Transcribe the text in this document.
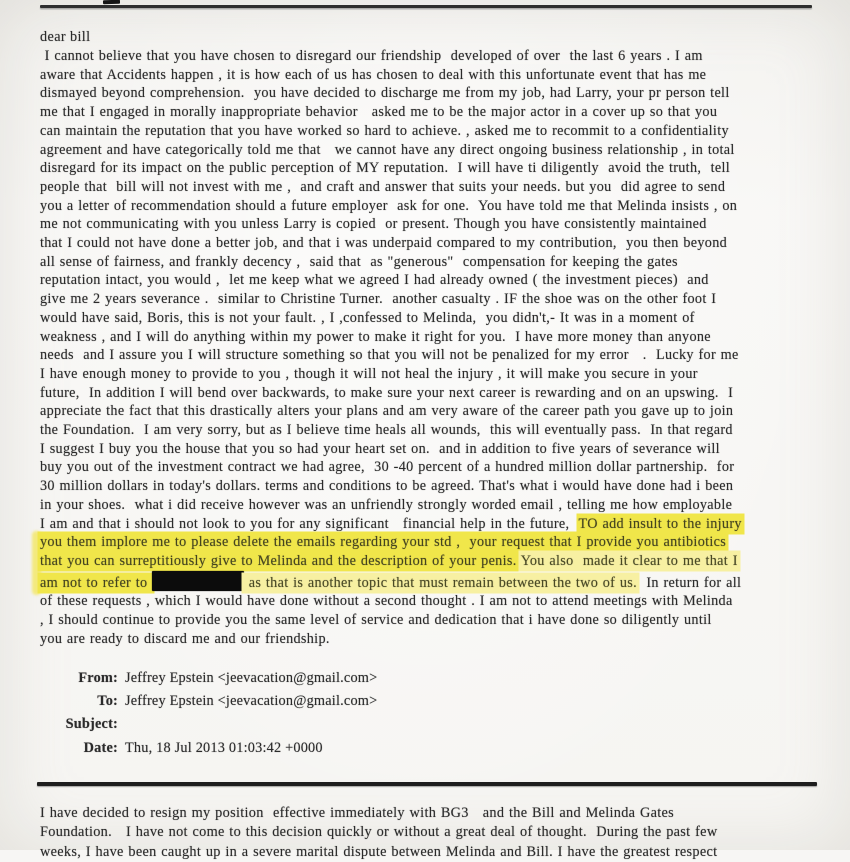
dear bill
I cannot believe that you have chosen to disregard our friendship  developed of over  the last 6 years . I am
aware that Accidents happen , it is how each of us has chosen to deal with this unfortunate event that has me
dismayed beyond comprehension.  you have decided to discharge me from my job, had Larry, your pr person tell
me that I engaged in morally inappropriate behavior   asked me to be the major actor in a cover up so that you
can maintain the reputation that you have worked so hard to achieve. , asked me to recommit to a confidentiality
agreement and have categorically told me that   we cannot have any direct ongoing business relationship , in total
disregard for its impact on the public perception of MY reputation.  I will have ti diligently  avoid the truth,  tell
people that  bill will not invest with me ,  and craft and answer that suits your needs. but you  did agree to send
you a letter of recommendation should a future employer  ask for one.  You have told me that Melinda insists , on
me not communicating with you unless Larry is copied  or present. Though you have consistently maintained
that I could not have done a better job, and that i was underpaid compared to my contribution,  you then beyond
all sense of fairness, and frankly decency ,  said that  as "generous"  compensation for keeping the gates
reputation intact, you would ,  let me keep what we agreed I had already owned ( the investment pieces)  and
give me 2 years severance .  similar to Christine Turner.  another casualty . IF the shoe was on the other foot I
would have said, Boris, this is not your fault. , I ,confessed to Melinda,  you didn't,- It was in a moment of
weakness , and I will do anything within my power to make it right for you.  I have more money than anyone
needs  and I assure you I will structure something so that you will not be penalized for my error   .  Lucky for me
I have enough money to provide to you , though it will not heal the injury , it will make you secure in your
future,  In addition I will bend over backwards, to make sure your next career is rewarding and on an upswing.  I
appreciate the fact that this drastically alters your plans and am very aware of the career path you gave up to join
the Foundation.  I am very sorry, but as I believe time heals all wounds,  this will eventually pass.  In that regard
I suggest I buy you the house that you so had your heart set on.  and in addition to five years of severance will
buy you out of the investment contract we had agree,  30 -40 percent of a hundred million dollar partnership.  for
30 million dollars in today's dollars. terms and conditions to be agreed. That's what i would have done had i been
in your shoes.  what i did receive however was an unfriendly strongly worded email , telling me how employable
I am and that i should not look to you for any significant   financial help in the future,  TO add insult to the injury
you them implore me to please delete the emails regarding your std ,  your request that I provide you antibiotics
that you can surreptitiously give to Melinda and the description of your penis. You also  made it clear to me that I
am not to refer to	as that is another topic that must remain between the two of us.  In return for all
of these requests , which I would have done without a second thought . I am not to attend meetings with Melinda
, I should continue to provide you the same level of service and dedication that i have done so diligently until
you are ready to discard me and our friendship.
From: Jeffrey Epstein <jeevacation@gmail.com>
To: Jeffrey Epstein <jeevacation@gmail.com>
Subject:
Date: Thu, 18 Jul 2013 01:03:42 +0000
I have decided to resign my position  effective immediately with BG3   and the Bill and Melinda Gates
Foundation.   I have not come to this decision quickly or without a great deal of thought.  During the past few
weeks, I have been caught up in a severe marital dispute between Melinda and Bill. I have the greatest respect
